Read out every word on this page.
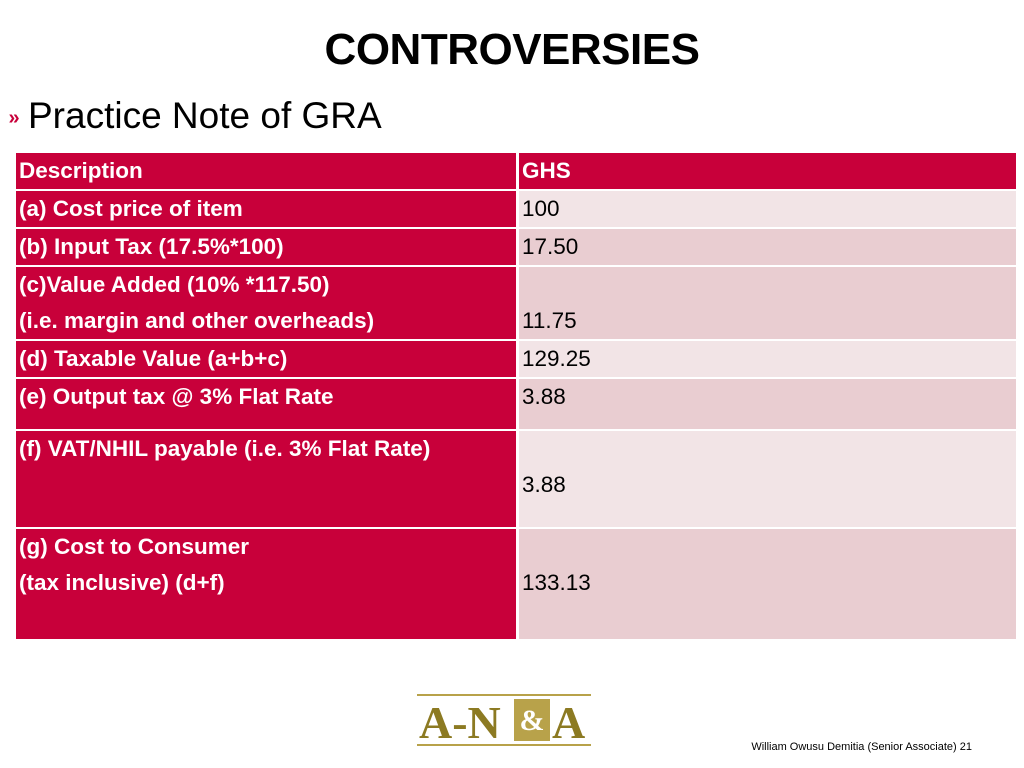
CONTROVERSIES
» Practice Note of GRA
Description	GHS

(a) Cost price of item	100

(b) Input Tax (17.5%*100)	17.50

(c)Value Added (10% *117.50)
(i.e. margin and other overheads)	11.75

(d) Taxable Value (a+b+c)	129.25

(e) Output tax @ 3% Flat Rate	3.88

(f) VAT/NHIL payable (i.e. 3% Flat Rate)	3.88

(g) Cost to Consumer
(tax inclusive) (d+f)	133.13
A-N & A	William Owusu Demitia (Senior Associate) 21
